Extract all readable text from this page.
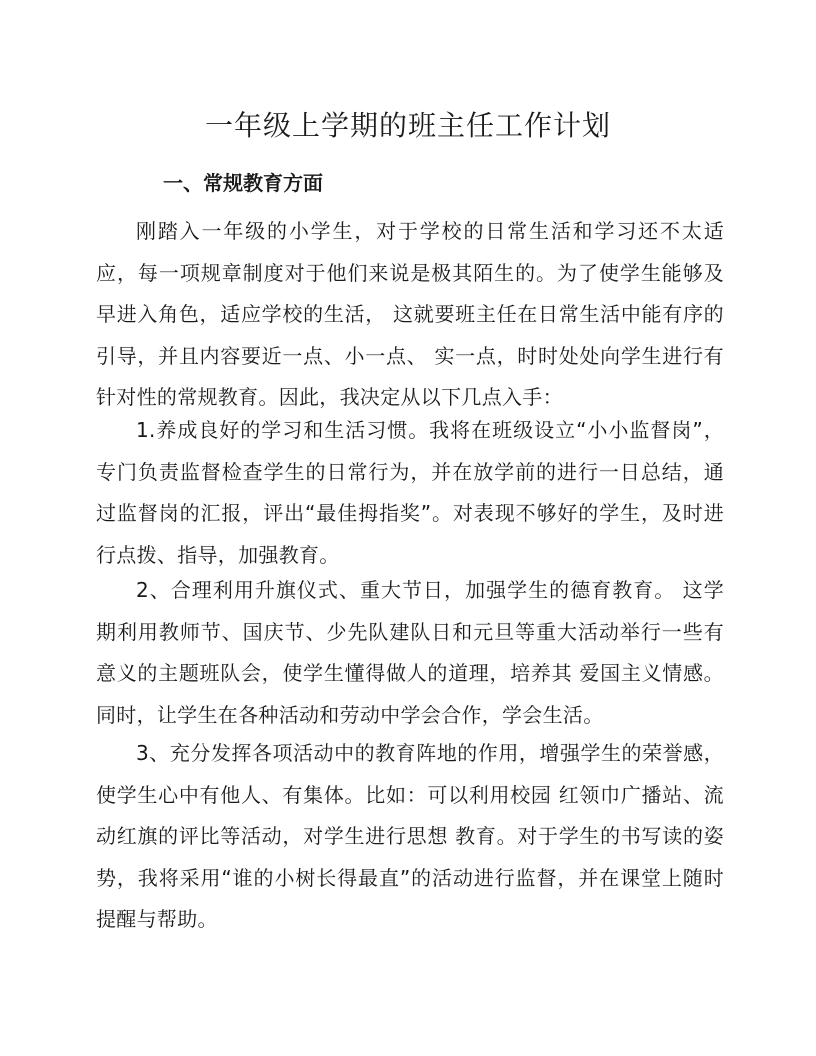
一年级上学期的班主任工作计划
一、常规教育方面

刚踏入一年级的小学生，对于学校的日常生活和学习还不太适应，每一项规章制度对于他们来说是极其陌生的。为了使学生能够及早进入角色，适应学校的生活， 这就要班主任在日常生活中能有序的引导，并且内容要近一点、小一点、 实一点，时时处处向学生进行有针对性的常规教育。因此，我决定从以下几点入手：

1.养成良好的学习和生活习惯。我将在班级设立“小小监督岗”，专门负责监督检查学生的日常行为，并在放学前的进行一日总结，通过监督岗的汇报，评出“最佳拇指奖”。对表现不够好的学生，及时进行点拨、指导，加强教育。

2、合理利用升旗仪式、重大节日，加强学生的德育教育。 这学期利用教师节、国庆节、少先队建队日和元旦等重大活动举行一些有意义的主题班队会，使学生懂得做人的道理，培养其 爱国主义情感。同时，让学生在各种活动和劳动中学会合作，学会生活。

3、充分发挥各项活动中的教育阵地的作用，增强学生的荣誉感，使学生心中有他人、有集体。比如：可以利用校园 红领巾广播站、流动红旗的评比等活动，对学生进行思想 教育。对于学生的书写读的姿势，我将采用“谁的小树长得最直”的活动进行监督，并在课堂上随时提醒与帮助。
